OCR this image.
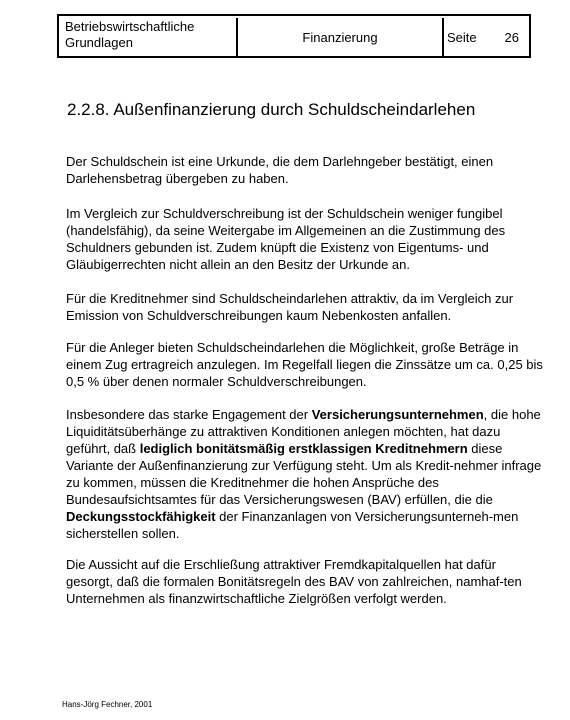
Betriebswirtschaftliche
Grundlagen	Finanzierung	Seite 26
2.2.8. Außenfinanzierung durch Schuldscheindarlehen

Der Schuldschein ist eine Urkunde, die dem Darlehngeber bestätigt, einen Darlehensbetrag übergeben zu haben.

Im Vergleich zur Schuldverschreibung ist der Schuldschein weniger fungibel (handelsfähig), da seine Weitergabe im Allgemeinen an die Zustimmung des Schuldners gebunden ist. Zudem knüpft die Existenz von Eigentums- und Gläubigerrechten nicht allein an den Besitz der Urkunde an.

Für die Kreditnehmer sind Schuldscheindarlehen attraktiv, da im Vergleich zur Emission von Schuldverschreibungen kaum Nebenkosten anfallen.

Für die Anleger bieten Schuldscheindarlehen die Möglichkeit, große Beträge in einem Zug ertragreich anzulegen. Im Regelfall liegen die Zinssätze um ca. 0,25 bis 0,5 % über denen normaler Schuldverschreibungen.

Insbesondere das starke Engagement der Versicherungsunternehmen, die hohe Liquiditätsüberhänge zu attraktiven Konditionen anlegen möchten, hat dazu geführt, daß lediglich bonitätsmäßig erstklassigen Kreditnehmern diese Variante der Außenfinanzierung zur Verfügung steht. Um als Kredit-nehmer infrage zu kommen, müssen die Kreditnehmer die hohen Ansprüche des Bundesaufsichtsamtes für das Versicherungswesen (BAV) erfüllen, die die Deckungsstockfähigkeit der Finanzanlagen von Versicherungsunterneh-men sicherstellen sollen.

Die Aussicht auf die Erschließung attraktiver Fremdkapitalquellen hat dafür gesorgt, daß die formalen Bonitätsregeln des BAV von zahlreichen, namhaf-ten Unternehmen als finanzwirtschaftliche Zielgrößen verfolgt werden.

Hans-Jörg Fechner, 2001
